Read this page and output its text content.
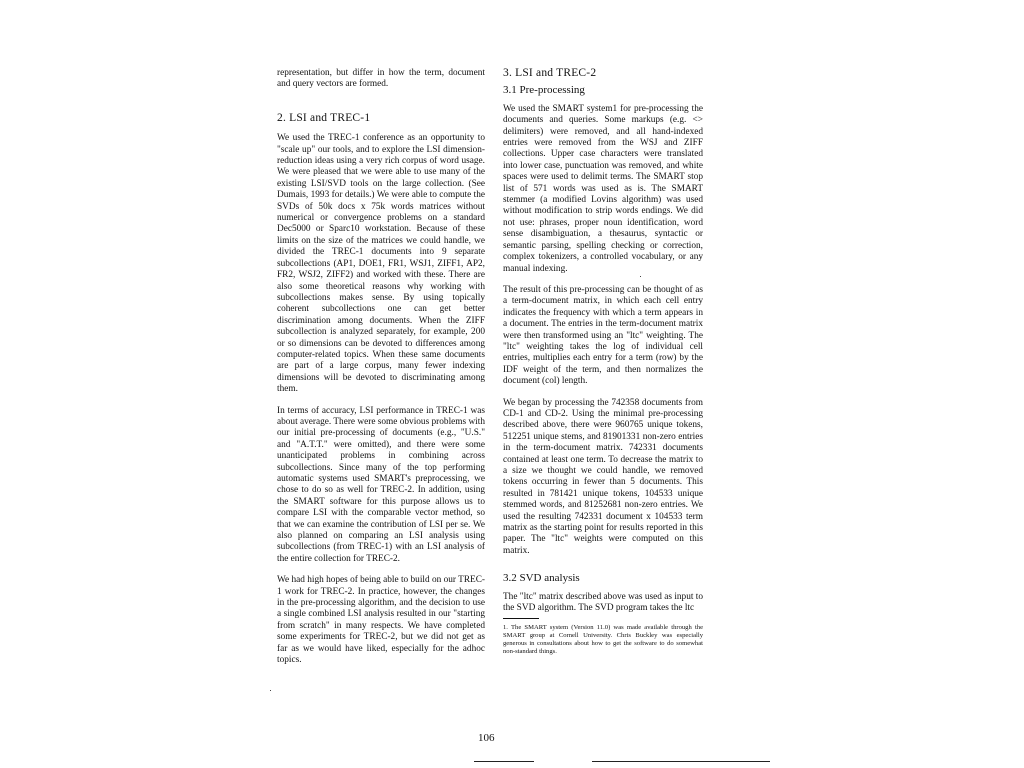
representation, but differ in how the term, document and query vectors are formed.

2. LSI and TREC-1

We used the TREC-1 conference as an opportunity to "scale up" our tools, and to explore the LSI dimension-reduction ideas using a very rich corpus of word usage. We were pleased that we were able to use many of the existing LSI/SVD tools on the large collection. (See Dumais, 1993 for details.) We were able to compute the SVDs of 50k docs x 75k words matrices without numerical or convergence problems on a standard Dec5000 or Sparc10 workstation. Because of these limits on the size of the matrices we could handle, we divided the TREC-1 documents into 9 separate subcollections (AP1, DOE1, FR1, WSJ1, ZIFF1, AP2, FR2, WSJ2, ZIFF2) and worked with these. There are also some theoretical reasons why working with subcollections makes sense. By using topically coherent subcollections one can get better discrimination among documents. When the ZIFF subcollection is analyzed separately, for example, 200 or so dimensions can be devoted to differences among computer-related topics. When these same documents are part of a large corpus, many fewer indexing dimensions will be devoted to discriminating among them.

In terms of accuracy, LSI performance in TREC-1 was about average. There were some obvious problems with our initial pre-processing of documents (e.g., "U.S." and "A.T.T." were omitted), and there were some unanticipated problems in combining across subcollections. Since many of the top performing automatic systems used SMART's preprocessing, we chose to do so as well for TREC-2. In addition, using the SMART software for this purpose allows us to compare LSI with the comparable vector method, so that we can examine the contribution of LSI per se. We also planned on comparing an LSI analysis using subcollections (from TREC-1) with an LSI analysis of the entire collection for TREC-2.

We had high hopes of being able to build on our TREC-1 work for TREC-2. In practice, however, the changes in the pre-processing algorithm, and the decision to use a single combined LSI analysis resulted in our "starting from scratch" in many respects. We have completed some experiments for TREC-2, but we did not get as far as we would have liked, especially for the adhoc topics.

3. LSI and TREC-2
3.1 Pre-processing

We used the SMART system1 for pre-processing the documents and queries. Some markups (e.g. <> delimiters) were removed, and all hand-indexed entries were removed from the WSJ and ZIFF collections. Upper case characters were translated into lower case, punctuation was removed, and white spaces were used to delimit terms. The SMART stop list of 571 words was used as is. The SMART stemmer (a modified Lovins algorithm) was used without modification to strip words endings. We did not use: phrases, proper noun identification, word sense disambiguation, a thesaurus, syntactic or semantic parsing, spelling checking or correction, complex tokenizers, a controlled vocabulary, or any manual indexing.

The result of this pre-processing can be thought of as a term-document matrix, in which each cell entry indicates the frequency with which a term appears in a document. The entries in the term-document matrix were then transformed using an "ltc" weighting. The "ltc" weighting takes the log of individual cell entries, multiplies each entry for a term (row) by the IDF weight of the term, and then normalizes the document (col) length.

We began by processing the 742358 documents from CD-1 and CD-2. Using the minimal pre-processing described above, there were 960765 unique tokens, 512251 unique stems, and 81901331 non-zero entries in the term-document matrix. 742331 documents contained at least one term. To decrease the matrix to a size we thought we could handle, we removed tokens occurring in fewer than 5 documents. This resulted in 781421 unique tokens, 104533 unique stemmed words, and 81252681 non-zero entries. We used the resulting 742331 document x 104533 term matrix as the starting point for results reported in this paper. The "ltc" weights were computed on this matrix.

3.2 SVD analysis

The "ltc" matrix described above was used as input to the SVD algorithm. The SVD program takes the ltc

1. The SMART system (Version 11.0) was made available through the SMART group at Cornell University. Chris Buckley was especially generous in consultations about how to get the software to do somewhat non-standard things.
106
